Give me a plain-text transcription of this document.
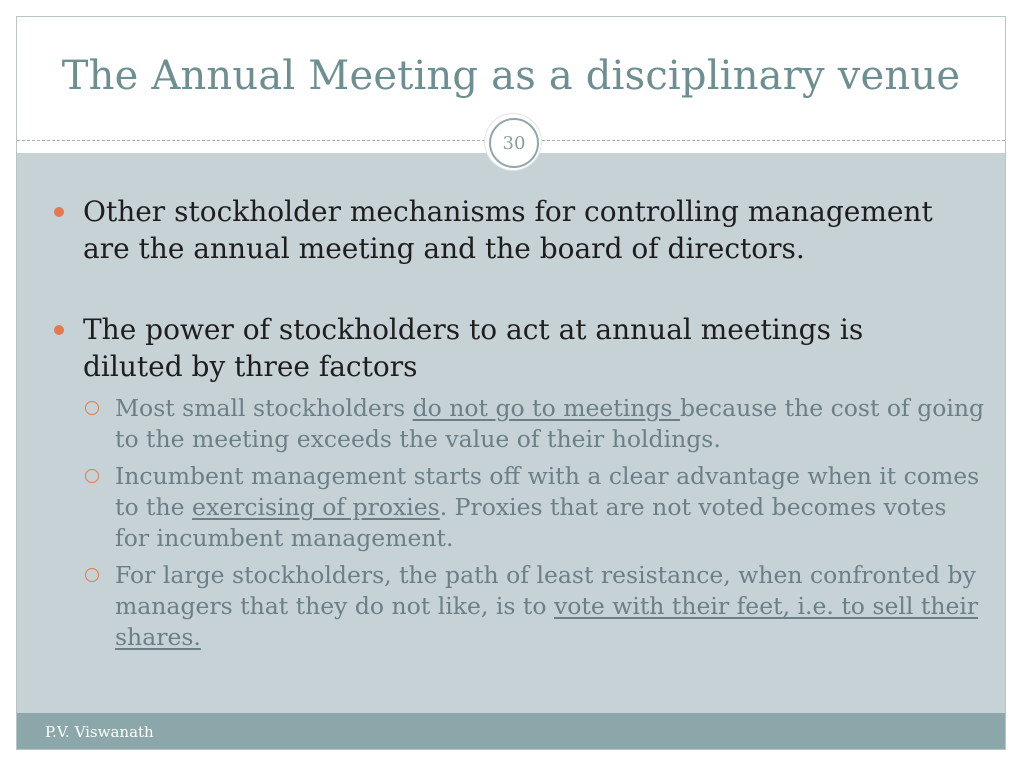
The Annual Meeting as a disciplinary venue
30
Other stockholder mechanisms for controlling management are the annual meeting and the board of directors.
The power of stockholders to act at annual meetings is diluted by three factors
Most small stockholders do not go to meetings because the cost of going to the meeting exceeds the value of their holdings.
Incumbent management starts off with a clear advantage when it comes to the exercising of proxies. Proxies that are not voted becomes votes for incumbent management.
For large stockholders, the path of least resistance, when confronted by managers that they do not like, is to vote with their feet, i.e. to sell their shares.
P.V. Viswanath
